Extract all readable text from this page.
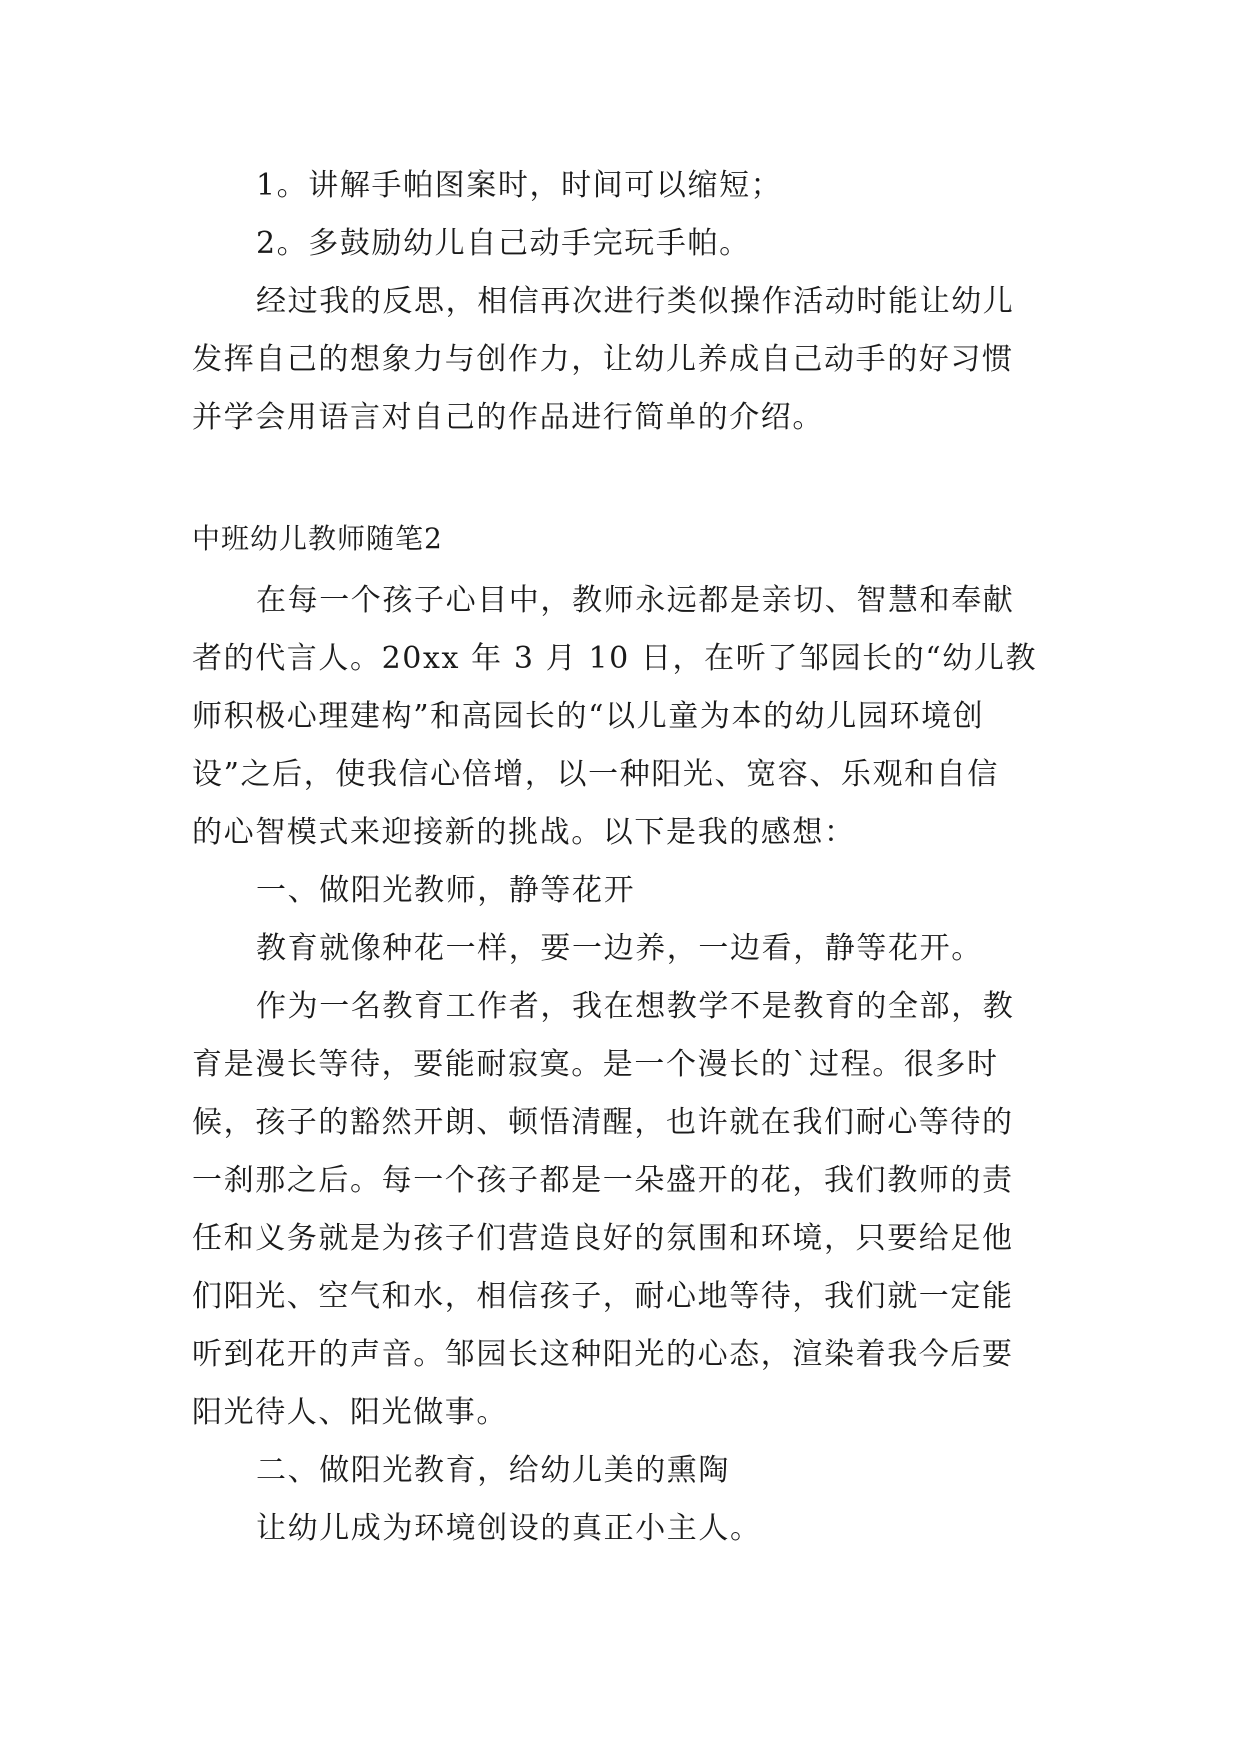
1。讲解手帕图案时，时间可以缩短；
2。多鼓励幼儿自己动手完玩手帕。
经过我的反思，相信再次进行类似操作活动时能让幼儿
发挥自己的想象力与创作力，让幼儿养成自己动手的好习惯
并学会用语言对自己的作品进行简单的介绍。
中班幼儿教师随笔2
在每一个孩子心目中，教师永远都是亲切、智慧和奉献
者的代言人。20xx 年 3 月 10 日，在听了邹园长的“幼儿教
师积极心理建构”和高园长的“以儿童为本的幼儿园环境创
设”之后，使我信心倍增，以一种阳光、宽容、乐观和自信
的心智模式来迎接新的挑战。以下是我的感想：
一、做阳光教师，静等花开
教育就像种花一样，要一边养，一边看，静等花开。
作为一名教育工作者，我在想教学不是教育的全部，教
育是漫长等待，要能耐寂寞。是一个漫长的`过程。很多时
候，孩子的豁然开朗、顿悟清醒，也许就在我们耐心等待的
一刹那之后。每一个孩子都是一朵盛开的花，我们教师的责
任和义务就是为孩子们营造良好的氛围和环境，只要给足他
们阳光、空气和水，相信孩子，耐心地等待，我们就一定能
听到花开的声音。邹园长这种阳光的心态，渲染着我今后要
阳光待人、阳光做事。
二、做阳光教育，给幼儿美的熏陶
让幼儿成为环境创设的真正小主人。
